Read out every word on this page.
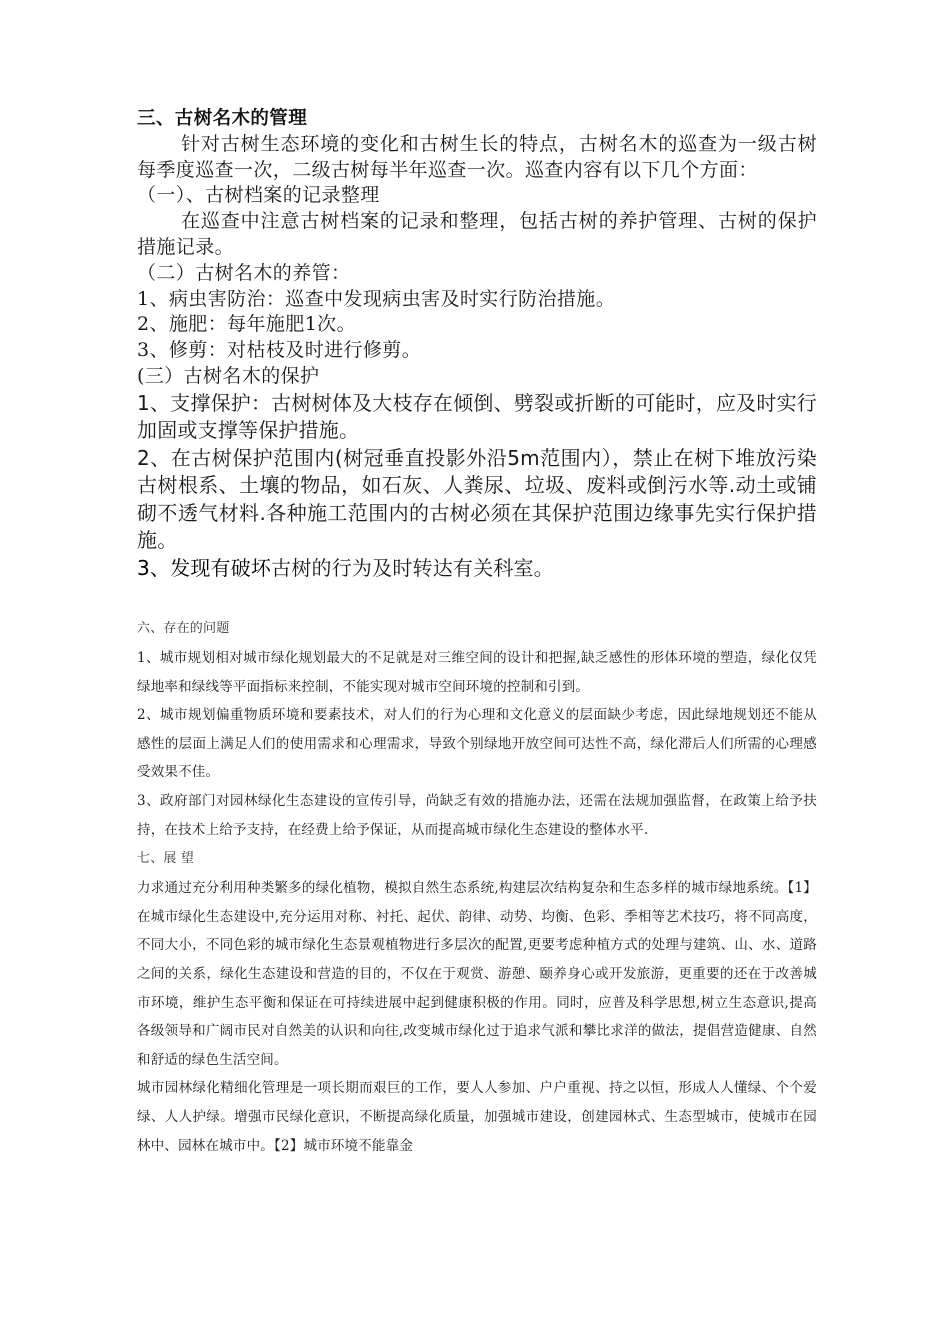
三、古树名木的管理

针对古树生态环境的变化和古树生长的特点，古树名木的巡查为一级古树每季度巡查一次，二级古树每半年巡查一次。巡查内容有以下几个方面：

（一）、古树档案的记录整理

在巡查中注意古树档案的记录和整理，包括古树的养护管理、古树的保护措施记录。

（二）古树名木的养管：

1、病虫害防治：巡查中发现病虫害及时实行防治措施。

2、施肥：每年施肥1次。

3、修剪：对枯枝及时进行修剪。

(三）古树名木的保护

1、支撑保护：古树树体及大枝存在倾倒、劈裂或折断的可能时，应及时实行加固或支撑等保护措施。

2、在古树保护范围内(树冠垂直投影外沿5m范围内），禁止在树下堆放污染古树根系、土壤的物品，如石灰、人粪尿、垃圾、废料或倒污水等.动土或铺砌不透气材料.各种施工范围内的古树必须在其保护范围边缘事先实行保护措施。

3、发现有破坏古树的行为及时转达有关科室。

六、存在的问题

1、城市规划相对城市绿化规划最大的不足就是对三维空间的设计和把握,缺乏感性的形体环境的塑造，绿化仅凭绿地率和绿线等平面指标来控制，不能实现对城市空间环境的控制和引到。

2、城市规划偏重物质环境和要素技术，对人们的行为心理和文化意义的层面缺少考虑，因此绿地规划还不能从感性的层面上满足人们的使用需求和心理需求，导致个别绿地开放空间可达性不高，绿化滞后人们所需的心理感受效果不佳。

3、政府部门对园林绿化生态建设的宣传引导，尚缺乏有效的措施办法，还需在法规加强监督，在政策上给予扶持，在技术上给予支持，在经费上给予保证，从而提高城市绿化生态建设的整体水平.

七、展 望

力求通过充分利用种类繁多的绿化植物，模拟自然生态系统,构建层次结构复杂和生态多样的城市绿地系统。【1】在城市绿化生态建设中,充分运用对称、衬托、起伏、韵律、动势、均衡、色彩、季相等艺术技巧，将不同高度，不同大小，不同色彩的城市绿化生态景观植物进行多层次的配置,更要考虑种植方式的处理与建筑、山、水、道路之间的关系，绿化生态建设和营造的目的，不仅在于观赏、游憩、颐养身心或开发旅游，更重要的还在于改善城市环境，维护生态平衡和保证在可持续进展中起到健康积极的作用。同时，应普及科学思想,树立生态意识,提高各级领导和广阔市民对自然美的认识和向往,改变城市绿化过于追求气派和攀比求洋的做法，提倡营造健康、自然和舒适的绿色生活空间。

城市园林绿化精细化管理是一项长期而艰巨的工作，要人人参加、户户重视、持之以恒，形成人人懂绿、个个爱绿、人人护绿。增强市民绿化意识，不断提高绿化质量，加强城市建设，创建园林式、生态型城市，使城市在园林中、园林在城市中。【2】城市环境不能靠金
